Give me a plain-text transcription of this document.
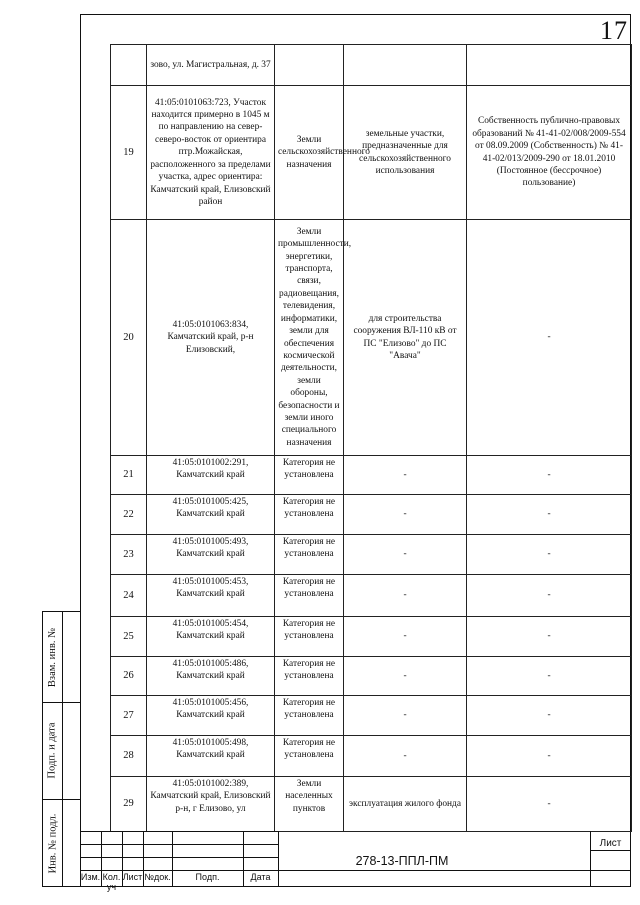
17
	зово, ул. Магистральная, д. 37			
19	41:05:0101063:723, Участок находится примерно в 1045 м по направлению на север-северо-восток от ориентира птр.Можайская, расположенного за пределами участка, адрес ориентира: Камчатский край, Елизовский район	Земли сельскохозяйственного назначения	земельные участки, предназначенные для сельскохозяйственного использования	Собственность публично-правовых образований № 41-41-02/008/2009-554 от 08.09.2009 (Собственность) № 41-41-02/013/2009-290 от 18.01.2010 (Постоянное (бессрочное) пользование)
20	41:05:0101063:834, Камчатский край, р-н Елизовский,	Земли промышленности, энергетики, транспорта, связи, радиовещания, телевидения, информатики, земли для обеспечения космической деятельности, земли обороны, безопасности и земли иного специального назначения	для строительства сооружения ВЛ-110 кВ от ПС "Елизово" до ПС "Авача"	-
21	41:05:0101002:291, Камчатский край	Категория не установлена	-	-
22	41:05:0101005:425, Камчатский край	Категория не установлена	-	-
23	41:05:0101005:493, Камчатский край	Категория не установлена	-	-
24	41:05:0101005:453, Камчатский край	Категория не установлена	-	-
25	41:05:0101005:454, Камчатский край	Категория не установлена	-	-
26	41:05:0101005:486, Камчатский край	Категория не установлена	-	-
27	41:05:0101005:456, Камчатский край	Категория не установлена	-	-
28	41:05:0101005:498, Камчатский край	Категория не установлена	-	-
29	41:05:0101002:389, Камчатский край, Елизовский р-н, г Елизово, ул	Земли населенных пунктов	эксплуатация жилого фонда	-
Взам. инв. №
Подп. и дата
Инв. № подл.
Изм. Кол. уч
Лист №док.	Подп.	Дата
278-13-ППЛ-ПМ
Лист
